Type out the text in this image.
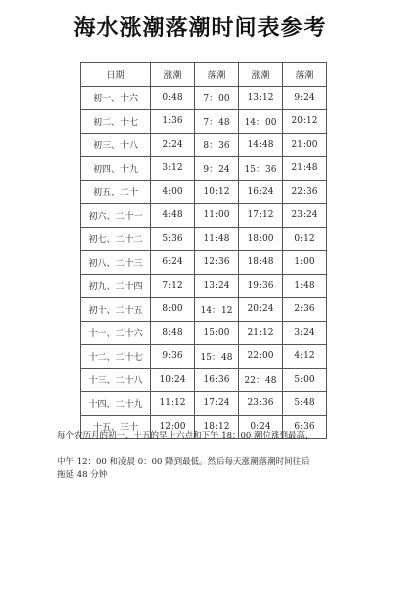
海水涨潮落潮时间表参考
日期	涨潮	落潮	涨潮	落潮
初一、十六	0:48	7：00	13:12	9:24
初二、十七	1:36	7：48	14：00	20:12
初三、十八	2:24	8：36	14:48	21:00
初四、十九	3:12	9：24	15：36	21:48
初五、二十	4:00	10:12	16:24	22:36
初六、二十一	4:48	11:00	17:12	23:24
初七、二十二	5:36	11:48	18:00	0:12
初八、二十三	6:24	12:36	18:48	1:00
初九、二十四	7:12	13:24	19:36	1:48
初十、二十五	8:00	14：12	20:24	2:36
十一、二十六	8:48	15:00	21:12	3:24
十二、二十七	9:36	15：48	22:00	4:12
十三、二十八	10:24	16:36	22：48	5:00
十四、二十九	11:12	17:24	23:36	5:48
十五、三十	12:00	18:12	0:24	6:36
每个农历月的初一、十五的早上六点和下午 18：00 潮位涨到最高，
中午 12：00 和凌晨 0：00 降到最低。然后每天涨潮落潮时间往后
拖延 48 分钟
